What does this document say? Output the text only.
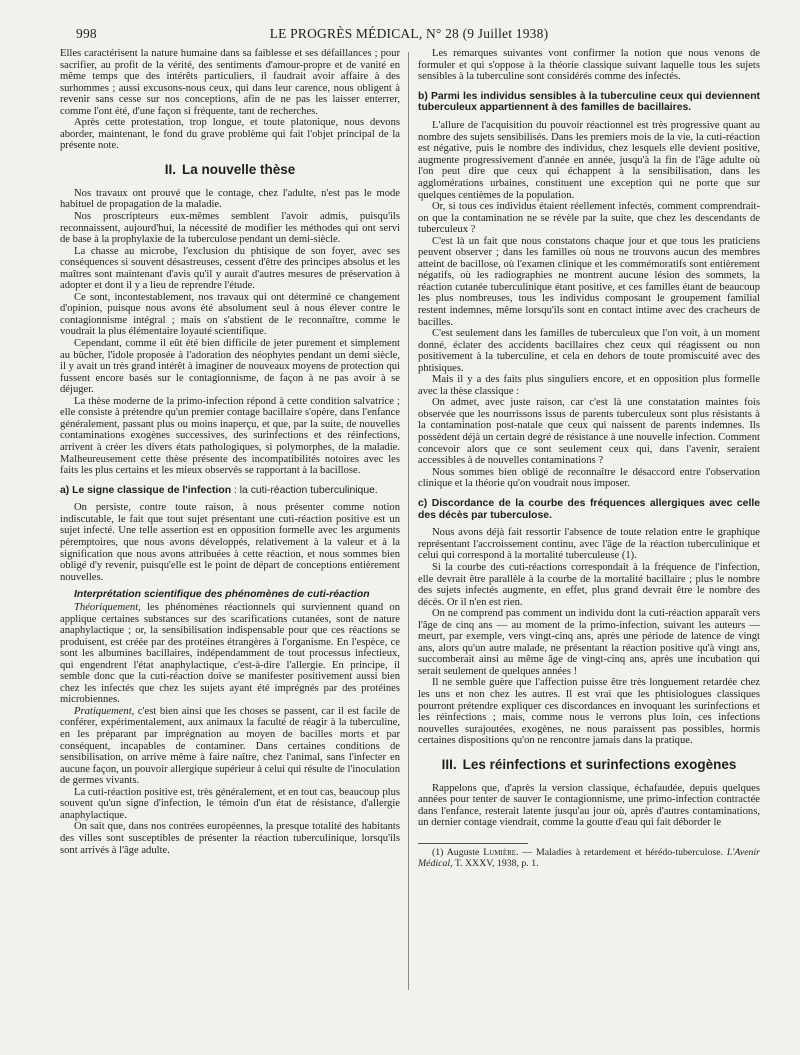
998	LE PROGRÈS MÉDICAL, N° 28 (9 Juillet 1938)

Elles caractérisent la nature humaine dans sa faiblesse et ses défaillances ; pour sacrifier, au profit de la vérité, des sentiments d'amour-propre et de vanité en même temps que des intérêts particuliers, il faudrait avoir affaire à des surhommes ; aussi excusons-nous ceux, qui dans leur carence, nous obligent à revenir sans cesse sur nos conceptions, afin de ne pas les laisser enterrer, comme l'ont été, d'une façon si fréquente, tant de recherches.

Après cette protestation, trop longue, et toute platonique, nous devons aborder, maintenant, le fond du grave problème qui fait l'objet principal de la présente note.

II. La nouvelle thèse

Nos travaux ont prouvé que le contage, chez l'adulte, n'est pas le mode habituel de propagation de la maladie.

Nos proscripteurs eux-mêmes semblent l'avoir admis, puisqu'ils reconnaissent, aujourd'hui, la nécessité de modifier les méthodes qui ont servi de base à la prophylaxie de la tuberculose pendant un demi-siècle.

La chasse au microbe, l'exclusion du phtisique de son foyer, avec ses conséquences si souvent désastreuses, cessent d'être des principes absolus et les maîtres sont maintenant d'avis qu'il y aurait d'autres mesures de préservation à adopter et dont il y a lieu de reprendre l'étude.

Ce sont, incontestablement, nos travaux qui ont déterminé ce changement d'opinion, puisque nous avons été absolument seul à nous élever contre le contagionnisme intégral ; mais on s'abstient de le reconnaître, comme le voudrait la plus élémentaire loyauté scientifique.

Cependant, comme il eût été bien difficile de jeter purement et simplement au bûcher, l'idole proposée à l'adoration des néophytes pendant un demi siècle, il y avait un très grand intérêt à imaginer de nouveaux moyens de protection qui fussent encore basés sur le contagionnisme, de façon à ne pas avoir à se déjuger.

La thèse moderne de la primo-infection répond à cette condition salvatrice ; elle consiste à prétendre qu'un premier contage bacillaire s'opère, dans l'enfance généralement, passant plus ou moins inaperçu, et que, par la suite, de nouvelles contaminations exogènes successives, des surinfections et des réinfections, arrivent à créer les divers états pathologiques, si polymorphes, de la maladie. Malheureusement cette thèse présente des incompatibilités notoires avec les faits les plus certains et les mieux observés se rapportant à la bacillose.

a) Le signe classique de l'infection : la cuti-réaction tuberculinique.

On persiste, contre toute raison, à nous présenter comme notion indiscutable, le fait que tout sujet présentant une cuti-réaction positive est un sujet infecté. Une telle assertion est en opposition formelle avec les arguments péremptoires, que nous avons développés, relativement à la valeur et à la signification que nous avons attribuées à cette réaction, et nous sommes bien obligé d'y revenir, puisqu'elle est le point de départ de conceptions entièrement nouvelles.

Interprétation scientifique des phénomènes de cuti-réaction

Théoriquement, les phénomènes réactionnels qui surviennent quand on applique certaines substances sur des scarifications cutanées, sont de nature anaphylactique ; or, la sensibilisation indispensable pour que ces réactions se produisent, est créée par des protéines étrangères à l'organisme. En l'espèce, ce sont les albumines bacillaires, indépendamment de tout processus infectieux, qui engendrent l'état anaphylactique, c'est-à-dire l'allergie. En principe, il semble donc que la cuti-réaction doive se manifester positivement aussi bien chez les infectés que chez les sujets ayant été imprégnés par des protéines microbiennes.

Pratiquement, c'est bien ainsi que les choses se passent, car il est facile de conférer, expérimentalement, aux animaux la faculté de réagir à la tuberculine, en les préparant par imprégnation au moyen de bacilles morts et par conséquent, incapables de contaminer. Dans certaines conditions de sensibilisation, on arrive même à faire naître, chez l'animal, sans l'infecter en aucune façon, un pouvoir allergique supérieur à celui qui résulte de l'inoculation de germes vivants.

La cuti-réaction positive est, très généralement, et en tout cas, beaucoup plus souvent qu'un signe d'infection, le témoin d'un état de résistance, d'allergie anaphylactique.

On sait que, dans nos contrées européennes, la presque totalité des habitants des villes sont susceptibles de présenter la réaction tuberculinique, lorsqu'ils sont arrivés à l'âge adulte.

Les remarques suivantes vont confirmer la notion que nous venons de formuler et qui s'oppose à la théorie classique suivant laquelle tous les sujets sensibles à la tuberculine sont considérés comme des infectés.

b) Parmi les individus sensibles à la tuberculine ceux qui deviennent tuberculeux appartiennent à des familles de bacillaires.

L'allure de l'acquisition du pouvoir réactionnel est très progressive quant au nombre des sujets sensibilisés. Dans les premiers mois de la vie, la cuti-réaction est négative, puis le nombre des individus, chez lesquels elle devient positive, augmente progressivement d'année en année, jusqu'à la fin de l'âge adulte où l'on peut dire que ceux qui échappent à la sensibilisation, dans les agglomérations urbaines, constituent une exception qui ne porte que sur quelques centièmes de la population.

Or, si tous ces individus étaient réellement infectés, comment comprendrait-on que la contamination ne se révèle par la suite, que chez les descendants de tuberculeux ?

C'est là un fait que nous constatons chaque jour et que tous les praticiens peuvent observer ; dans les familles où nous ne trouvons aucun des membres atteint de bacillose, où l'examen clinique et les commémoratifs sont entièrement négatifs, où les radiographies ne montrent aucune lésion des sommets, la réaction cutanée tuberculinique étant positive, et ces familles étant de beaucoup les plus nombreuses, tous les individus composant le groupement familial restent indemnes, même lorsqu'ils sont en contact intime avec des cracheurs de bacilles.

C'est seulement dans les familles de tuberculeux que l'on voit, à un moment donné, éclater des accidents bacillaires chez ceux qui réagissent ou non positivement à la tuberculine, et cela en dehors de toute promiscuité avec des phtisiques.

Mais il y a des faits plus singuliers encore, et en opposition plus formelle avec la thèse classique :

On admet, avec juste raison, car c'est là une constatation maintes fois observée que les nourrissons issus de parents tuberculeux sont plus résistants à la contamination post-natale que ceux qui naissent de parents indemnes. Ils possèdent déjà un certain degré de résistance à une nouvelle infection. Comment concevoir alors que ce sont seulement ceux qui, dans l'avenir, seraient accessibles à de nouvelles contaminations ?

Nous sommes bien obligé de reconnaître le désaccord entre l'observation clinique et la théorie qu'on voudrait nous imposer.

c) Discordance de la courbe des fréquences allergiques avec celle des décès par tuberculose.

Nous avons déjà fait ressortir l'absence de toute relation entre le graphique représentant l'accroissement continu, avec l'âge de la réaction tuberculinique et celui qui correspond à la mortalité tuberculeuse (1).

Si la courbe des cuti-réactions correspondait à la fréquence de l'infection, elle devrait être parallèle à la courbe de la mortalité bacillaire ; plus le nombre des sujets infectés augmente, en effet, plus grand devrait être le nombre des décès. Or il n'en est rien.

On ne comprend pas comment un individu dont la cuti-réaction apparaît vers l'âge de cinq ans — au moment de la primo-infection, suivant les auteurs — meurt, par exemple, vers vingt-cinq ans, après une période de latence de vingt ans, alors qu'un autre malade, ne présentant la réaction positive qu'à vingt ans, succomberait ainsi au même âge de vingt-cinq ans, après une incubation qui serait seulement de quelques années !

Il ne semble guère que l'affection puisse être très longuement retardée chez les uns et non chez les autres. Il est vrai que les phtisiologues classiques pourront prétendre expliquer ces discordances en invoquant les surinfections et les réinfections ; mais, comme nous le verrons plus loin, ces infections nouvelles surajoutées, exogènes, ne nous paraissent pas possibles, hormis certaines dispositions qu'on ne rencontre jamais dans la pratique.

III. Les réinfections et surinfections exogènes

Rappelons que, d'après la version classique, échafaudée, depuis quelques années pour tenter de sauver le contagionnisme, une primo-infection contractée dans l'enfance, resterait latente jusqu'au jour où, après d'autres contaminations, un dernier contage viendrait, comme la goutte d'eau qui fait déborder le

(1) Auguste Lumière. — Maladies à retardement et hérédo-tuberculose. L'Avenir Médical, T. XXXV, 1938, p. 1.
